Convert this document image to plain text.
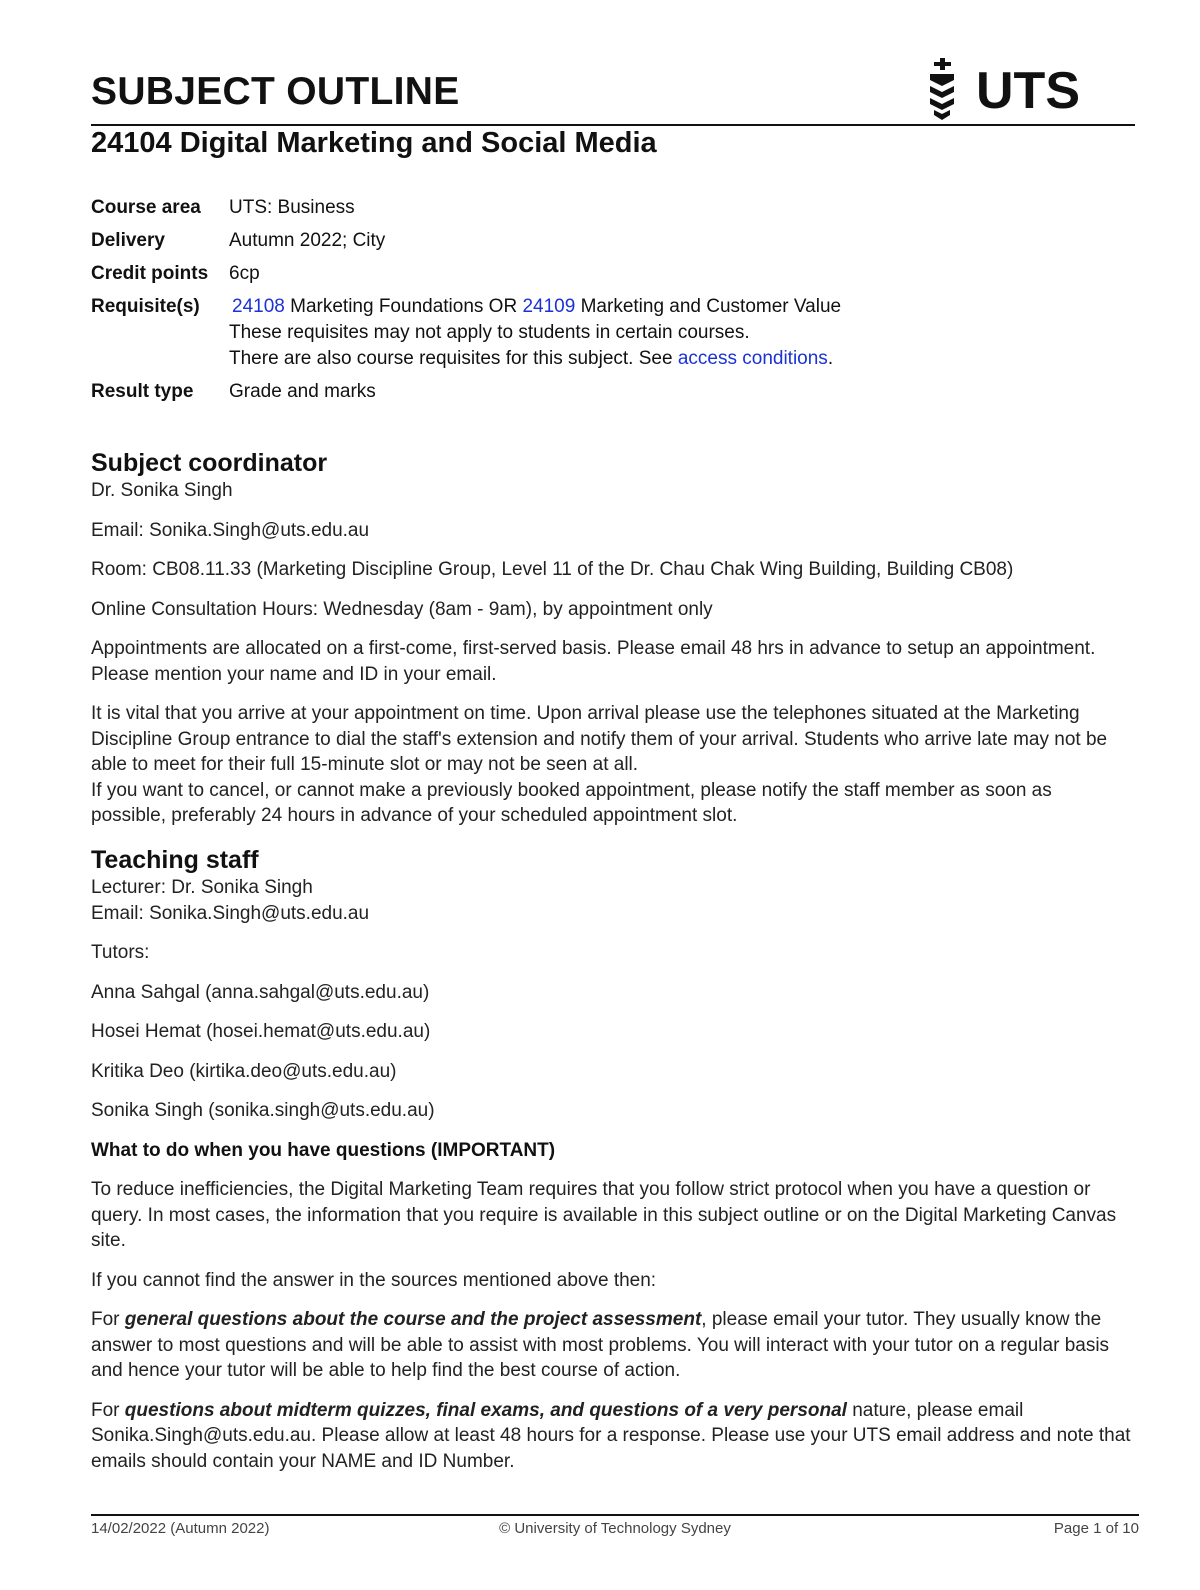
SUBJECT OUTLINE	UTS
24104 Digital Marketing and Social Media
Course area	UTS: Business
Delivery	Autumn 2022; City
Credit points	6cp
Requisite(s)	24108 Marketing Foundations OR 24109 Marketing and Customer Value
These requisites may not apply to students in certain courses.
There are also course requisites for this subject. See access conditions.
Result type	Grade and marks
Subject coordinator

Dr. Sonika Singh

Email: Sonika.Singh@uts.edu.au

Room: CB08.11.33 (Marketing Discipline Group, Level 11 of the Dr. Chau Chak Wing Building, Building CB08)

Online Consultation Hours: Wednesday (8am - 9am), by appointment only

Appointments are allocated on a first-come, first-served basis. Please email 48 hrs in advance to setup an appointment. Please mention your name and ID in your email.

It is vital that you arrive at your appointment on time. Upon arrival please use the telephones situated at the Marketing Discipline Group entrance to dial the staff's extension and notify them of your arrival. Students who arrive late may not be able to meet for their full 15-minute slot or may not be seen at all.

If you want to cancel, or cannot make a previously booked appointment, please notify the staff member as soon as possible, preferably 24 hours in advance of your scheduled appointment slot.

Teaching staff

Lecturer: Dr. Sonika Singh

Email: Sonika.Singh@uts.edu.au

Tutors:

Anna Sahgal (anna.sahgal@uts.edu.au)

Hosei Hemat (hosei.hemat@uts.edu.au)

Kritika Deo (kirtika.deo@uts.edu.au)

Sonika Singh (sonika.singh@uts.edu.au)

What to do when you have questions (IMPORTANT)

To reduce inefficiencies, the Digital Marketing Team requires that you follow strict protocol when you have a question or query. In most cases, the information that you require is available in this subject outline or on the Digital Marketing Canvas site.

If you cannot find the answer in the sources mentioned above then:

For general questions about the course and the project assessment, please email your tutor. They usually know the answer to most questions and will be able to assist with most problems. You will interact with your tutor on a regular basis and hence your tutor will be able to help find the best course of action.

For questions about midterm quizzes, final exams, and questions of a very personal nature, please email Sonika.Singh@uts.edu.au. Please allow at least 48 hours for a response. Please use your UTS email address and note that emails should contain your NAME and ID Number.

14/02/2022 (Autumn 2022)	© University of Technology Sydney	Page 1 of 10
